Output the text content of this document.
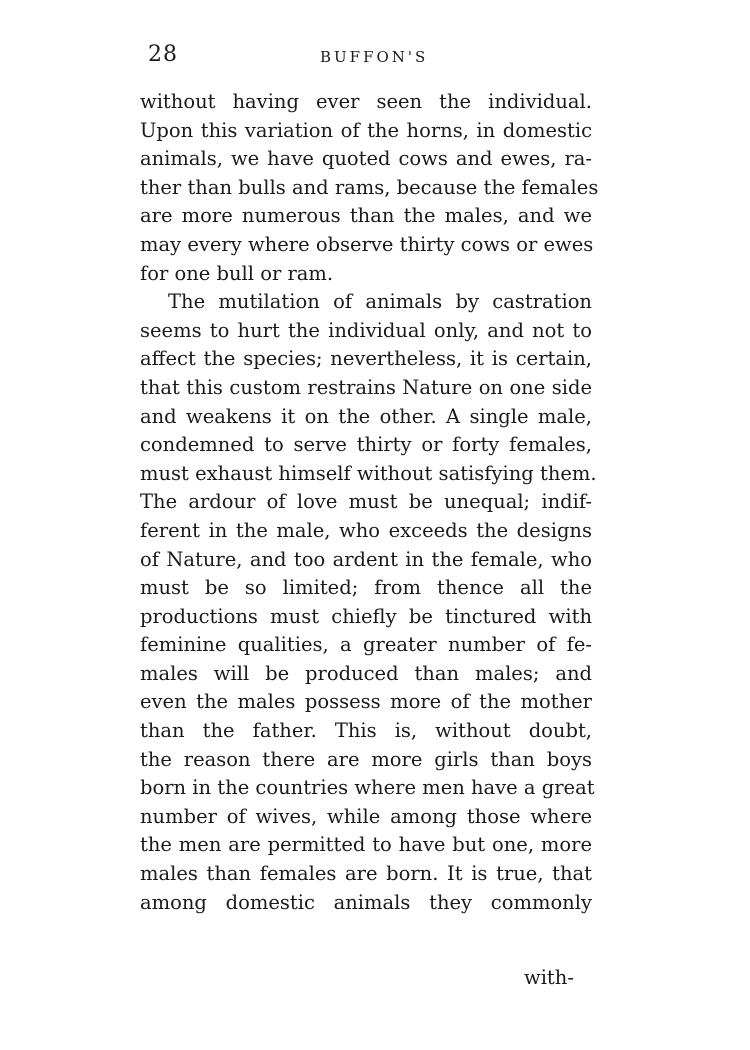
28	BUFFON'S
without having ever seen the individual.
Upon this variation of the horns, in domestic
animals, we have quoted cows and ewes, ra-
ther than bulls and rams, because the females
are more numerous than the males, and we
may every where observe thirty cows or ewes
for one bull or ram.
The mutilation of animals by castration
seems to hurt the individual only, and not to
affect the species; nevertheless, it is certain,
that this custom restrains Nature on one side
and weakens it on the other. A single male,
condemned to serve thirty or forty females,
must exhaust himself without satisfying them.
The ardour of love must be unequal; indif-
ferent in the male, who exceeds the designs
of Nature, and too ardent in the female, who
must be so limited; from thence all the
productions must chiefly be tinctured with
feminine qualities, a greater number of fe-
males will be produced than males; and
even the males possess more of the mother
than the father. This is, without doubt,
the reason there are more girls than boys
born in the countries where men have a great
number of wives, while among those where
the men are permitted to have but one, more
males than females are born. It is true, that
among domestic animals they commonly
with-
